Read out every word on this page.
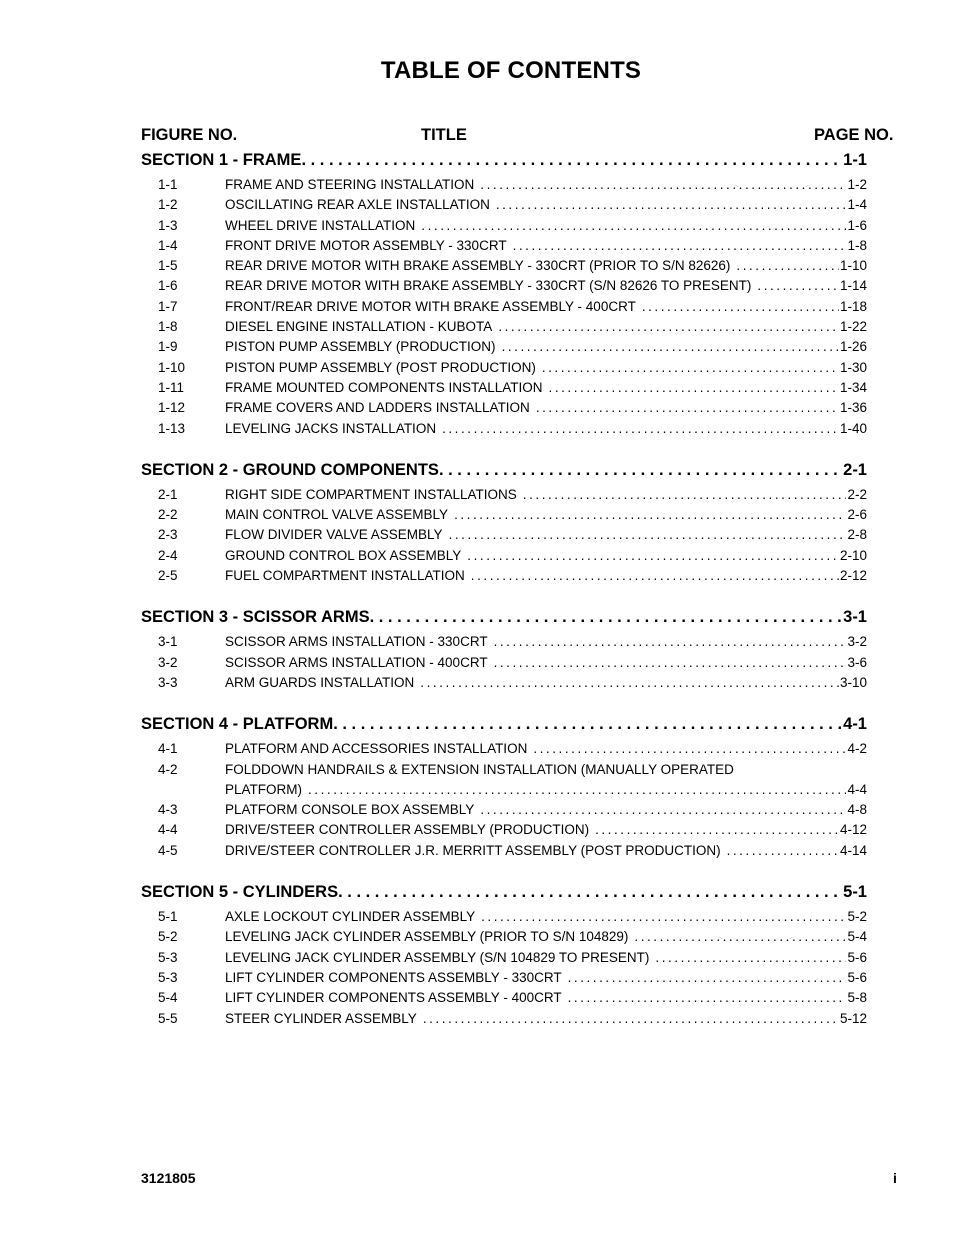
TABLE OF CONTENTS
FIGURE NO.	TITLE	PAGE NO.
SECTION 1 - FRAME . . .	1-1
1-1	FRAME AND STEERING INSTALLATION . . .	1-2
1-2	OSCILLATING REAR AXLE INSTALLATION . . .	1-4
1-3	WHEEL DRIVE INSTALLATION . . .	1-6
1-4	FRONT DRIVE MOTOR ASSEMBLY - 330CRT . . .	1-8
1-5	REAR DRIVE MOTOR WITH BRAKE ASSEMBLY - 330CRT (PRIOR TO S/N 82626) . . .	1-10
1-6	REAR DRIVE MOTOR WITH BRAKE ASSEMBLY - 330CRT (S/N 82626 TO PRESENT) . . .	1-14
1-7	FRONT/REAR DRIVE MOTOR WITH BRAKE ASSEMBLY - 400CRT . . .	1-18
1-8	DIESEL ENGINE INSTALLATION - KUBOTA . . .	1-22
1-9	PISTON PUMP ASSEMBLY (PRODUCTION) . . .	1-26
1-10	PISTON PUMP ASSEMBLY (POST PRODUCTION) . . .	1-30
1-11	FRAME MOUNTED COMPONENTS INSTALLATION . . .	1-34
1-12	FRAME COVERS AND LADDERS INSTALLATION . . .	1-36
1-13	LEVELING JACKS INSTALLATION . . .	1-40
SECTION 2 - GROUND COMPONENTS . . .	2-1
2-1	RIGHT SIDE COMPARTMENT INSTALLATIONS . . .	2-2
2-2	MAIN CONTROL VALVE ASSEMBLY . . .	2-6
2-3	FLOW DIVIDER VALVE ASSEMBLY . . .	2-8
2-4	GROUND CONTROL BOX ASSEMBLY . . .	2-10
2-5	FUEL COMPARTMENT INSTALLATION . . .	2-12
SECTION 3 - SCISSOR ARMS . . .	3-1
3-1	SCISSOR ARMS INSTALLATION - 330CRT . . .	3-2
3-2	SCISSOR ARMS INSTALLATION - 400CRT . . .	3-6
3-3	ARM GUARDS INSTALLATION . . .	3-10
SECTION 4 - PLATFORM . . .	4-1
4-1	PLATFORM AND ACCESSORIES INSTALLATION . . .	4-2
4-2	FOLDDOWN HANDRAILS & EXTENSION INSTALLATION (MANUALLY OPERATED
PLATFORM) . . .	4-4
4-3	PLATFORM CONSOLE BOX ASSEMBLY . . .	4-8
4-4	DRIVE/STEER CONTROLLER ASSEMBLY (PRODUCTION) . . .	4-12
4-5	DRIVE/STEER CONTROLLER J.R. MERRITT ASSEMBLY (POST PRODUCTION) . . .	4-14
SECTION 5 - CYLINDERS . . .	5-1
5-1	AXLE LOCKOUT CYLINDER ASSEMBLY . . .	5-2
5-2	LEVELING JACK CYLINDER ASSEMBLY (PRIOR TO S/N 104829) . . .	5-4
5-3	LEVELING JACK CYLINDER ASSEMBLY (S/N 104829 TO PRESENT) . . .	5-6
5-3	LIFT CYLINDER COMPONENTS ASSEMBLY - 330CRT . . .	5-6
5-4	LIFT CYLINDER COMPONENTS ASSEMBLY - 400CRT . . .	5-8
5-5	STEER CYLINDER ASSEMBLY . . .	5-12
3121805	i
